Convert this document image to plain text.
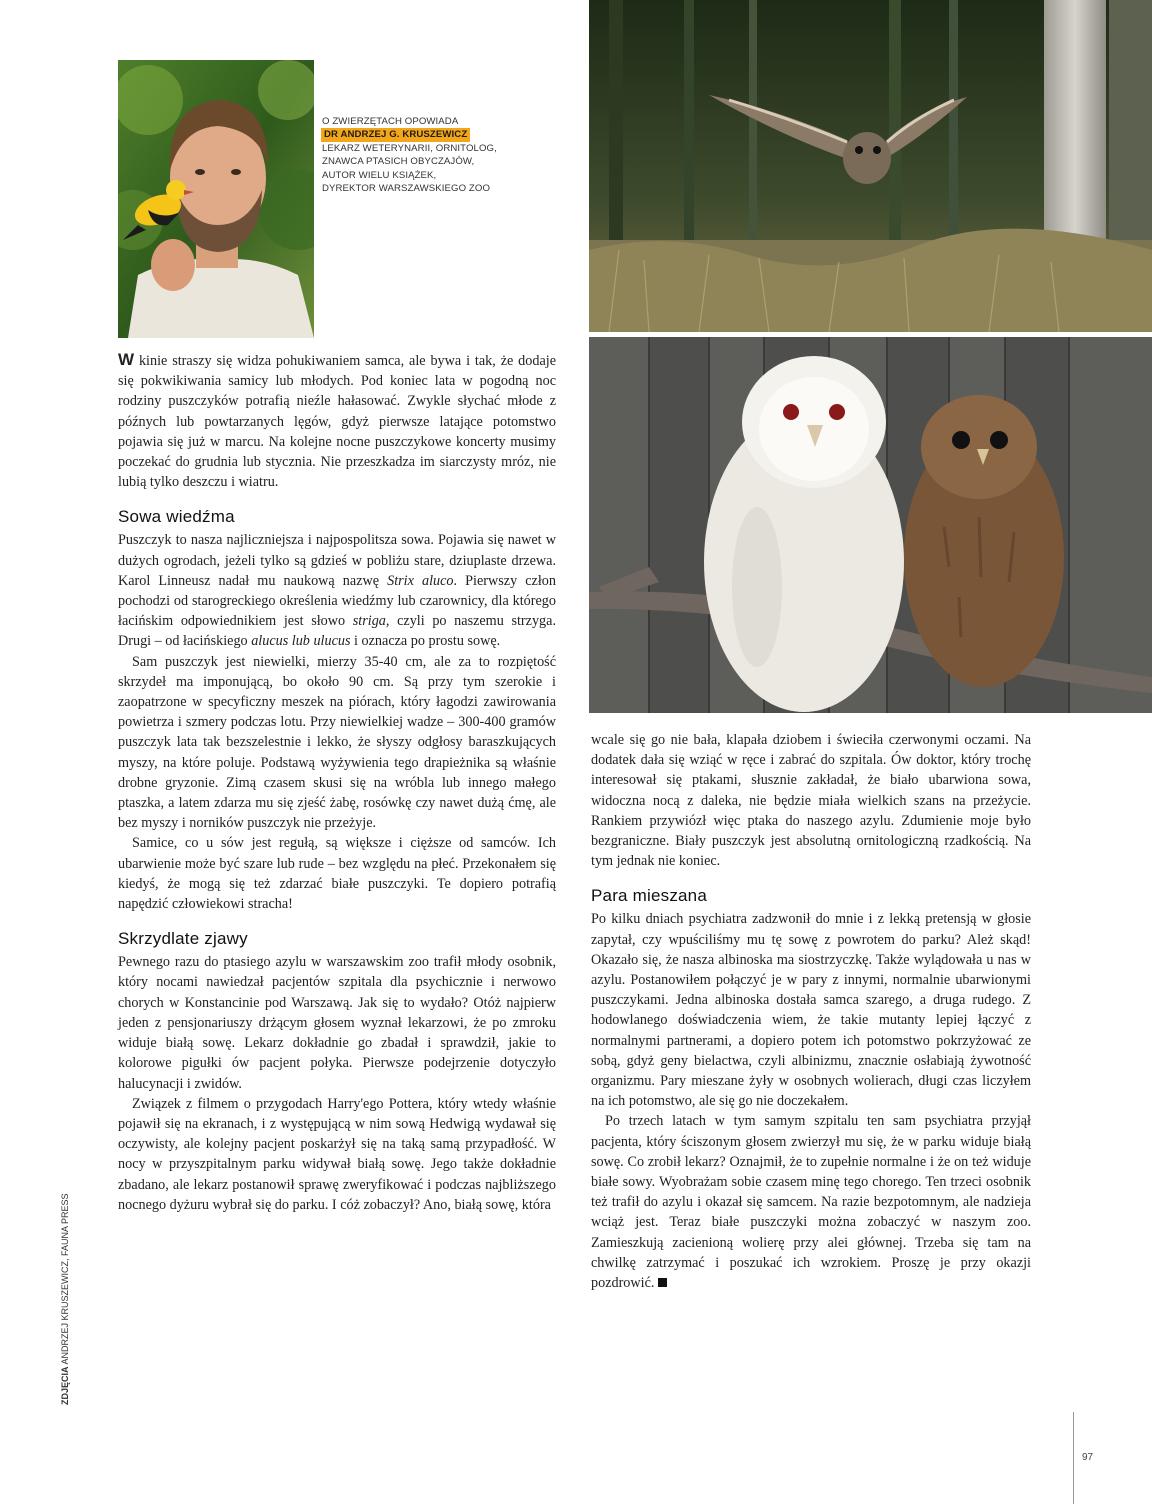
O ZWIERZĘTACH OPOWIADA
DR ANDRZEJ G. KRUSZEWICZ
LEKARZ WETERYNARII, ORNITOLOG,
ZNAWCA PTASICH OBYCZAJÓW,
AUTOR WIELU KSIĄŻEK,
DYREKTOR WARSZAWSKIEGO ZOO

W kinie straszy się widza pohukiwaniem samca, ale bywa i tak, że dodaje się pokwikiwania samicy lub młodych. Pod koniec lata w pogodną noc rodziny puszczyków potrafią nieźle hałasować. Zwykle słychać młode z późnych lub powtarzanych lęgów, gdyż pierwsze latające potomstwo pojawia się już w marcu. Na kolejne nocne puszczykowe koncerty musimy poczekać do grudnia lub stycznia. Nie przeszkadza im siarczysty mróz, nie lubią tylko deszczu i wiatru.

Sowa wiedźma

Puszczyk to nasza najliczniejsza i najpospolitsza sowa. Pojawia się nawet w dużych ogrodach, jeżeli tylko są gdzieś w pobliżu stare, dziuplaste drzewa. Karol Linneusz nadał mu naukową nazwę Strix aluco. Pierwszy człon pochodzi od starogreckiego określenia wiedźmy lub czarownicy, dla którego łacińskim odpowiednikiem jest słowo striga, czyli po naszemu strzyga. Drugi – od łacińskiego alucus lub ulucus i oznacza po prostu sowę.

Sam puszczyk jest niewielki, mierzy 35-40 cm, ale za to rozpiętość skrzydeł ma imponującą, bo około 90 cm. Są przy tym szerokie i zaopatrzone w specyficzny meszek na piórach, który łagodzi zawirowania powietrza i szmery podczas lotu. Przy niewielkiej wadze – 300-400 gramów puszczyk lata tak bezszelestnie i lekko, że słyszy odgłosy baraszkujących myszy, na które poluje. Podstawą wyżywienia tego drapieżnika są właśnie drobne gryzonie. Zimą czasem skusi się na wróbla lub innego małego ptaszka, a latem zdarza mu się zjeść żabę, rosówkę czy nawet dużą ćmę, ale bez myszy i norników puszczyk nie przeżyje.

Samice, co u sów jest regułą, są większe i cięższe od samców. Ich ubarwienie może być szare lub rude – bez względu na płeć. Przekonałem się kiedyś, że mogą się też zdarzać białe puszczyki. Te dopiero potrafią napędzić człowiekowi stracha!

Skrzydlate zjawy

Pewnego razu do ptasiego azylu w warszawskim zoo trafił młody osobnik, który nocami nawiedzał pacjentów szpitala dla psychicznie i nerwowo chorych w Konstancinie pod Warszawą. Jak się to wydało? Otóż najpierw jeden z pensjonariuszy drżącym głosem wyznał lekarzowi, że po zmroku widuje białą sowę. Lekarz dokładnie go zbadał i sprawdził, jakie to kolorowe pigułki ów pacjent połyka. Pierwsze podejrzenie dotyczyło halucynacji i zwidów.

Związek z filmem o przygodach Harry'ego Pottera, który wtedy właśnie pojawił się na ekranach, i z występującą w nim sową Hedwigą wydawał się oczywisty, ale kolejny pacjent poskarżył się na taką samą przypadłość. W nocy w przyszpitalnym parku widywał białą sowę. Jego także dokładnie zbadano, ale lekarz postanowił sprawę zweryfikować i podczas najbliższego nocnego dyżuru wybrał się do parku. I cóż zobaczył? Ano, białą sowę, która

wcale się go nie bała, klapała dziobem i świeciła czerwonymi oczami. Na dodatek dała się wziąć w ręce i zabrać do szpitala. Ów doktor, który trochę interesował się ptakami, słusznie zakładał, że biało ubarwiona sowa, widoczna nocą z daleka, nie będzie miała wielkich szans na przeżycie. Rankiem przywiózł więc ptaka do naszego azylu. Zdumienie moje było bezgraniczne. Biały puszczyk jest absolutną ornitologiczną rzadkością. Na tym jednak nie koniec.

Para mieszana

Po kilku dniach psychiatra zadzwonił do mnie i z lekką pretensją w głosie zapytał, czy wpuściliśmy mu tę sowę z powrotem do parku? Ależ skąd! Okazało się, że nasza albinoska ma siostrzyczkę. Także wylądowała u nas w azylu. Postanowiłem połączyć je w pary z innymi, normalnie ubarwionymi puszczykami. Jedna albinoska dostała samca szarego, a druga rudego. Z hodowlanego doświadczenia wiem, że takie mutanty lepiej łączyć z normalnymi partnerami, a dopiero potem ich potomstwo pokrzyżować ze sobą, gdyż geny bielactwa, czyli albinizmu, znacznie osłabiają żywotność organizmu. Pary mieszane żyły w osobnych wolierach, długi czas liczyłem na ich potomstwo, ale się go nie doczekałem.

Po trzech latach w tym samym szpitalu ten sam psychiatra przyjął pacjenta, który ściszonym głosem zwierzył mu się, że w parku widuje białą sowę. Co zrobił lekarz? Oznajmił, że to zupełnie normalne i że on też widuje białe sowy. Wyobrażam sobie czasem minę tego chorego. Ten trzeci osobnik też trafił do azylu i okazał się samcem. Na razie bezpotomnym, ale nadzieja wciąż jest. Teraz białe puszczyki można zobaczyć w naszym zoo. Zamieszkują zacienioną wolierę przy alei głównej. Trzeba się tam na chwilkę zatrzymać i poszukać ich wzrokiem. Proszę je przy okazji pozdrowić.

ZDJĘCIA ANDRZEJ KRUSZEWICZ, FAUNA PRESS
97
